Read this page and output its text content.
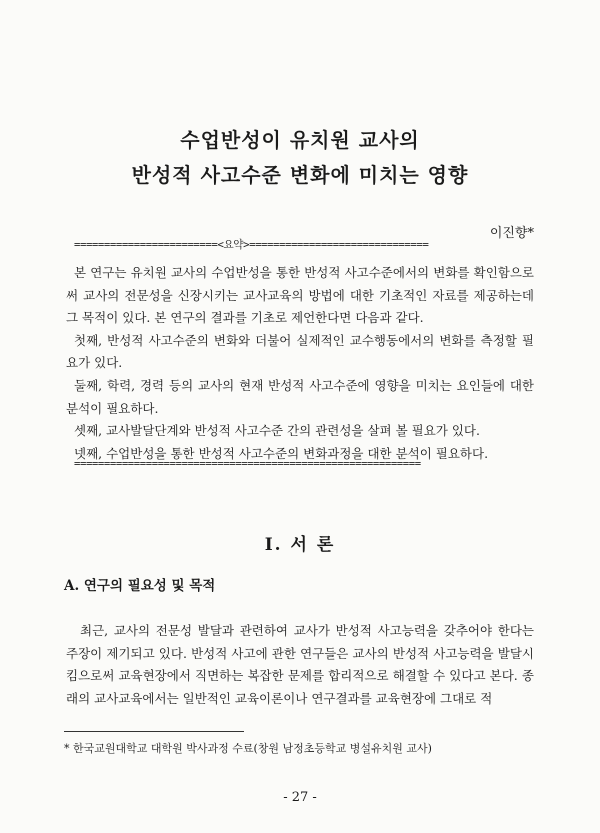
수업반성이 유치원 교사의
반성적 사고수준 변화에 미치는 영향
이진향*
========================<요약>==============================

본 연구는 유치원 교사의 수업반성을 통한 반성적 사고수준에서의 변화를 확인함으로써 교사의 전문성을 신장시키는 교사교육의 방법에 대한 기초적인 자료를 제공하는데 그 목적이 있다. 본 연구의 결과를 기초로 제언한다면 다음과 같다.

첫째, 반성적 사고수준의 변화와 더불어 실제적인 교수행동에서의 변화를 측정할 필요가 있다.

둘째, 학력, 경력 등의 교사의 현재 반성적 사고수준에 영향을 미치는 요인들에 대한 분석이 필요하다.

셋째, 교사발달단계와 반성적 사고수준 간의 관련성을 살펴 볼 필요가 있다.

넷째, 수업반성을 통한 반성적 사고수준의 변화과정을 대한 분석이 필요하다.

==========================================================
I. 서 론
A. 연구의 필요성 및 목적

최근, 교사의 전문성 발달과 관련하여 교사가 반성적 사고능력을 갖추어야 한다는 주장이 제기되고 있다. 반성적 사고에 관한 연구들은 교사의 반성적 사고능력을 발달시킴으로써 교육현장에서 직면하는 복잡한 문제를 합리적으로 해결할 수 있다고 본다. 종래의 교사교육에서는 일반적인 교육이론이나 연구결과를 교육현장에 그대로 적

* 한국교원대학교 대학원 박사과정 수료(창원 남정초등학교 병설유치원 교사)
- 27 -
